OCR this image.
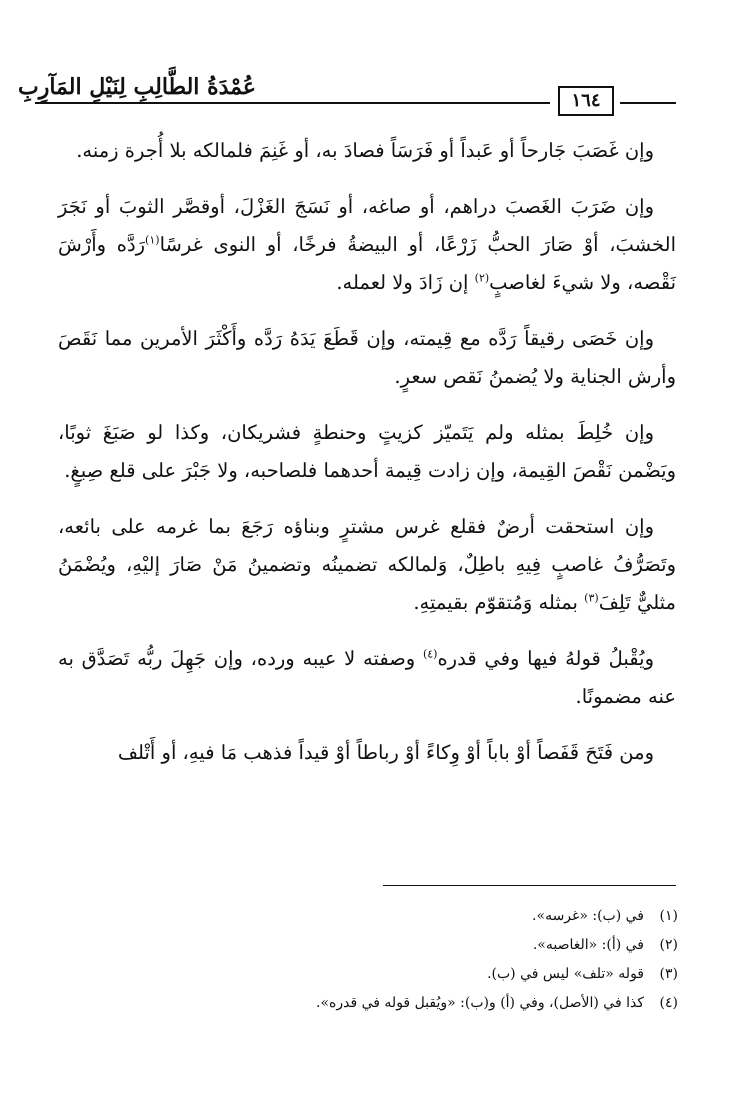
عُمْدَةُ الطَّالِبِ لِنَيْلِ المَآرِبِ
١٦٤

وإن غَصَبَ جَارحاً أو عَبداً أو فَرَسَاً فصادَ به، أو غَنِمَ فلمالكه بلا أُجرة زمنه.

وإن ضَرَبَ الغَصبَ دراهم، أو صاغه، أو نَسَجَ الغَزْلَ، أوقصَّر الثوبَ أو نَجَرَ الخشبَ، أوْ صَارَ الحبُّ زَرْعًا، أو البيضةُ فرخًا، أو النوى غرسًا$^{(١)}$رَدَّه وأَرْشَ نَقْصه، ولا شيءَ لغاصبٍ$^{(٢)}$ إن زَادَ ولا لعمله.

وإن خَصَى رقيقاً رَدَّه مع قِيمته، وإن قَطَعَ يَدَهُ رَدَّه وأَكْثَرَ الأمرين مما نَقَصَ وأرش الجناية ولا يُضمنُ نَقص سعرٍ.

وإن خُلِطَ بمثله ولم يَتَميّز كزيتٍ وحنطةٍ فشريكان، وكذا لو صَبَغَ ثوبًا، ويَضْمن نَقْصَ القِيمة، وإن زادت قِيمة أحدهما فلصاحبه، ولا جَبْرَ على قلع صِبغٍ.

وإن استحقت أرضٌ فقلع غرس مشترٍ وبناؤه رَجَعَ بما غرمه على بائعه، وتَصَرُّفُ غاصبٍ فِيهِ باطِلٌ، وَلمالكه تضمينُه وتضمينُ مَنْ صَارَ إليْهِ، ويُضْمَنُ مثليٌّ تَلِفَ$^{(٣)}$ بمثله وَمُتقوّم بقيمتِهِ.

ويُقْبلُ قولهُ فيها وفي قدره$^{(٤)}$ وصفته لا عيبه ورده، وإن جَهِلَ ربُّه تَصَدَّق به عنه مضمونًا.

ومن فَتَحَ قَفَصاً أوْ باباً أوْ وِكاءً أوْ رباطاً أوْ قيداً فذهب مَا فيهِ، أو أَتْلف

(١)في (ب): «غرسه».
(٢)في (أ): «الغاصبه».
(٣)قوله «تلف» ليس في (ب).
(٤)كذا في (الأصل)، وفي (أ) و(ب): «ويُقبل قوله في قدره».
